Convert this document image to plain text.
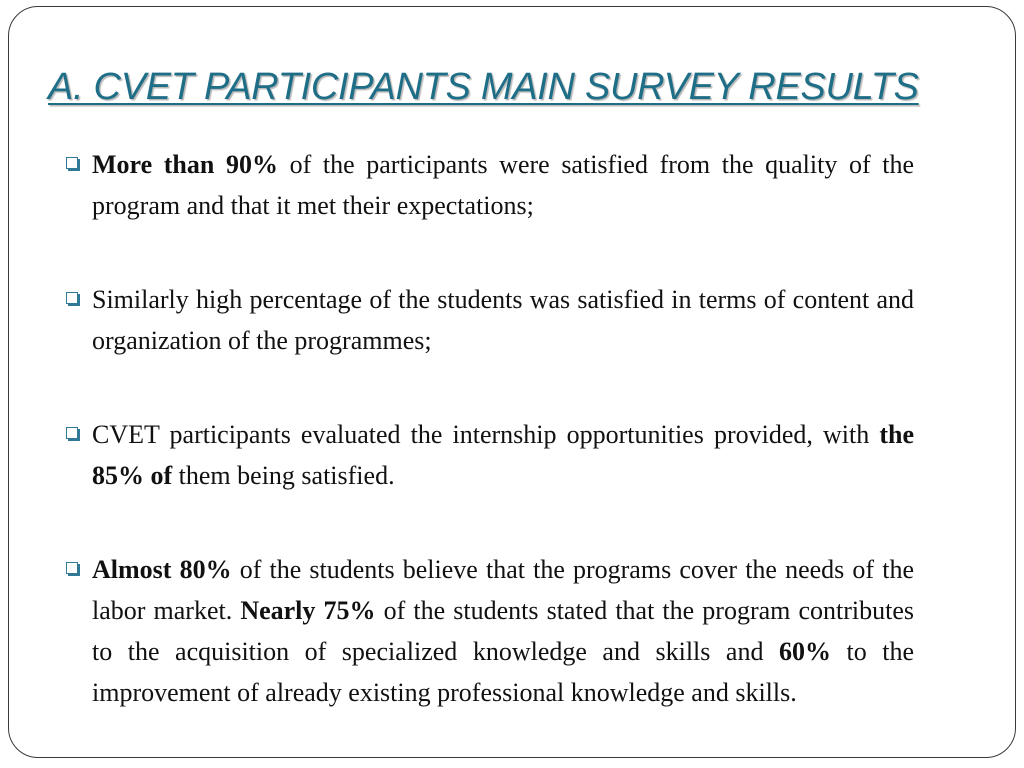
A. CVET PARTICIPANTS MAIN SURVEY RESULTS
More than 90% of the participants were satisfied from the quality of the program and that it met their expectations;
Similarly high percentage of the students was satisfied in terms of content and organization of the programmes;
CVET participants evaluated the internship opportunities provided, with the 85% of them being satisfied.
Almost 80% of the students believe that the programs cover the needs of the labor market. Nearly 75% of the students stated that the program contributes to the acquisition of specialized knowledge and skills and 60% to the improvement of already existing professional knowledge and skills.
